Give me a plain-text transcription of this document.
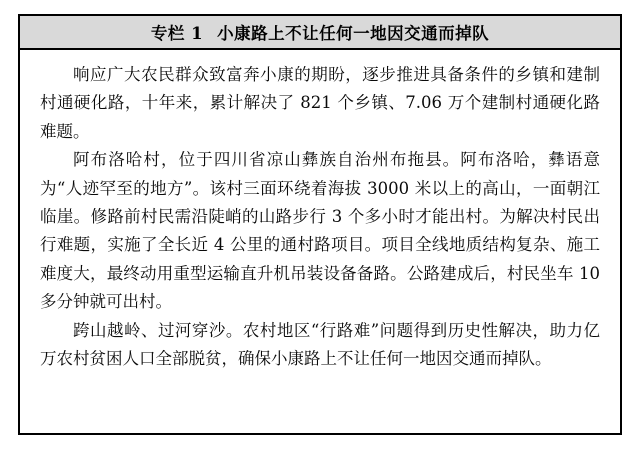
专栏 1 小康路上不让任何一地因交通而掉队

响应广大农民群众致富奔小康的期盼，逐步推进具备条件的乡镇和建制村通硬化路，十年来，累计解决了 821 个乡镇、7.06 万个建制村通硬化路难题。

阿布洛哈村，位于四川省凉山彝族自治州布拖县。阿布洛哈，彝语意为“人迹罕至的地方”。该村三面环绕着海拔 3000 米以上的高山，一面朝江临崖。修路前村民需沿陡峭的山路步行 3 个多小时才能出村。为解决村民出行难题，实施了全长近 4 公里的通村路项目。项目全线地质结构复杂、施工难度大，最终动用重型运输直升机吊装设备备路。公路建成后，村民坐车 10 多分钟就可出村。

跨山越岭、过河穿沙。农村地区“行路难”问题得到历史性解决，助力亿万农村贫困人口全部脱贫，确保小康路上不让任何一地因交通而掉队。
